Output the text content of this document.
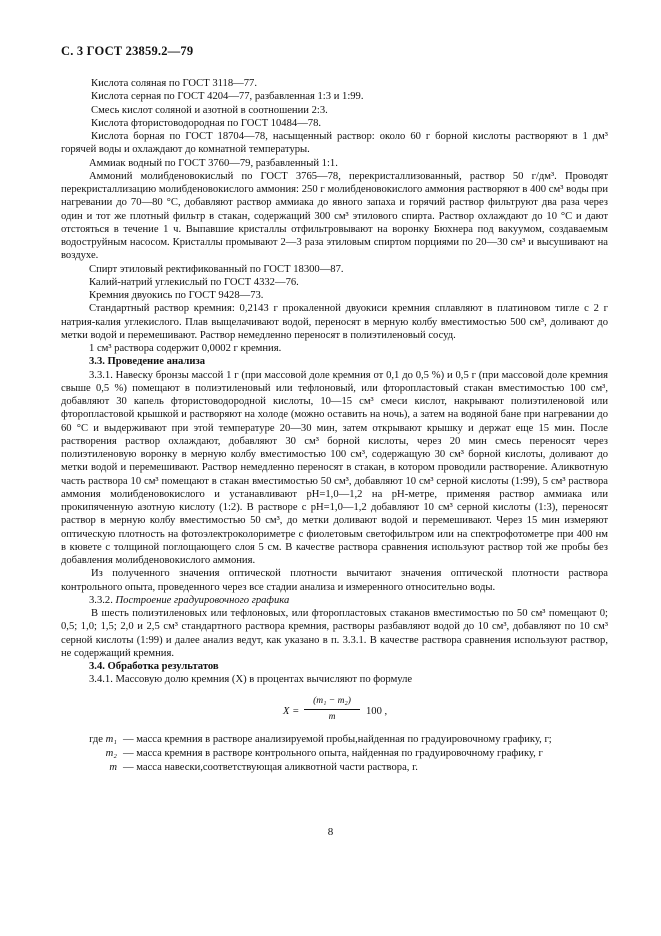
С. 3 ГОСТ 23859.2—79

Кислота соляная по ГОСТ 3118—77.

Кислота серная по ГОСТ 4204—77, разбавленная 1:3 и 1:99.

Смесь кислот соляной и азотной в соотношении 2:3.

Кислота фтористоводородная по ГОСТ 10484—78.

Кислота борная по ГОСТ 18704—78, насыщенный раствор: около 60 г борной кислоты растворяют в 1 дм³ горячей воды и охлаждают до комнатной температуры.

Аммиак водный по ГОСТ 3760—79, разбавленный 1:1.

Аммоний молибденовокислый по ГОСТ 3765—78, перекристаллизованный, раствор 50 г/дм³. Проводят перекристаллизацию молибденовокислого аммония: 250 г молибденовокислого аммония растворяют в 400 см³ воды при нагревании до 70—80 °С, добавляют раствор аммиака до явного запаха и горячий раствор фильтруют два раза через один и тот же плотный фильтр в стакан, содержащий 300 см³ этилового спирта. Раствор охлаждают до 10 °С и дают отстояться в течение 1 ч. Выпавшие кристаллы отфильтровывают на воронку Бюхнера под вакуумом, создаваемым водоструйным насосом. Кристаллы промывают 2—3 раза этиловым спиртом порциями по 20—30 см³ и высушивают на воздухе.

Спирт этиловый ректификованный по ГОСТ 18300—87.

Калий-натрий углекислый по ГОСТ 4332—76.

Кремния двуокись по ГОСТ 9428—73.

Стандартный раствор кремния: 0,2143 г прокаленной двуокиси кремния сплавляют в платиновом тигле с 2 г натрия-калия углекислого. Плав выщелачивают водой, переносят в мерную колбу вместимостью 500 см³, доливают до метки водой и перемешивают. Раствор немедленно переносят в полиэтиленовый сосуд.

1 см³ раствора содержит 0,0002 г кремния.

3.3. Проведение анализа

3.3.1. Навеску бронзы массой 1 г (при массовой доле кремния от 0,1 до 0,5 %) и 0,5 г (при массовой доле кремния свыше 0,5 %) помещают в полиэтиленовый или тефлоновый, или фторопластовый стакан вместимостью 100 см³, добавляют 30 капель фтористоводородной кислоты, 10—15 см³ смеси кислот, накрывают полиэтиленовой или фторопластовой крышкой и растворяют на холоде (можно оставить на ночь), а затем на водяной бане при нагревании до 60 °С и выдерживают при этой температуре 20—30 мин, затем открывают крышку и держат еще 15 мин. После растворения раствор охлаждают, добавляют 30 см³ борной кислоты, через 20 мин смесь переносят через полиэтиленовую воронку в мерную колбу вместимостью 100 см³, содержащую 30 см³ борной кислоты, доливают до метки водой и перемешивают. Раствор немедленно переносят в стакан, в котором проводили растворение. Аликвотную часть раствора 10 см³ помещают в стакан вместимостью 50 см³, добавляют 10 см³ серной кислоты (1:99), 5 см³ раствора аммония молибденовокислого и устанавливают рН=1,0—1,2 на рН-метре, применяя раствор аммиака или прокипяченную азотную кислоту (1:2). В растворе с рН=1,0—1,2 добавляют 10 см³ серной кислоты (1:3), переносят раствор в мерную колбу вместимостью 50 см³, до метки доливают водой и перемешивают. Через 15 мин измеряют оптическую плотность на фотоэлектроколориметре с фиолетовым светофильтром или на спектрофотометре при 400 нм в кювете с толщиной поглощающего слоя 5 см. В качестве раствора сравнения используют раствор той же пробы без добавления молибденовокислого аммония.

Из полученного значения оптической плотности вычитают значения оптической плотности раствора контрольного опыта, проведенного через все стадии анализа и измеренного относительно воды.

3.3.2. Построение градуировочного графика

В шесть полиэтиленовых или тефлоновых, или фторопластовых стаканов вместимостью по 50 см³ помещают 0; 0,5; 1,0; 1,5; 2,0 и 2,5 см³ стандартного раствора кремния, растворы разбавляют водой до 10 см³, добавляют по 10 см³ серной кислоты (1:99) и далее анализ ведут, как указано в п. 3.3.1. В качестве раствора сравнения используют раствор, не содержащий кремния.

3.4. Обработка результатов

3.4.1. Массовую долю кремния (X) в процентах вычисляют по формуле

$X = \frac{\text{(m₁ − m₂)}}{m} 100$ ,
где m₁ — масса кремния в растворе анализируемой пробы,найденная по градуировочному графику, г;
m₂ — масса кремния в растворе контрольного опыта, найденная по градуировочному графику, г
m — масса навески,соответствующая аликвотной части раствора, г.
8
